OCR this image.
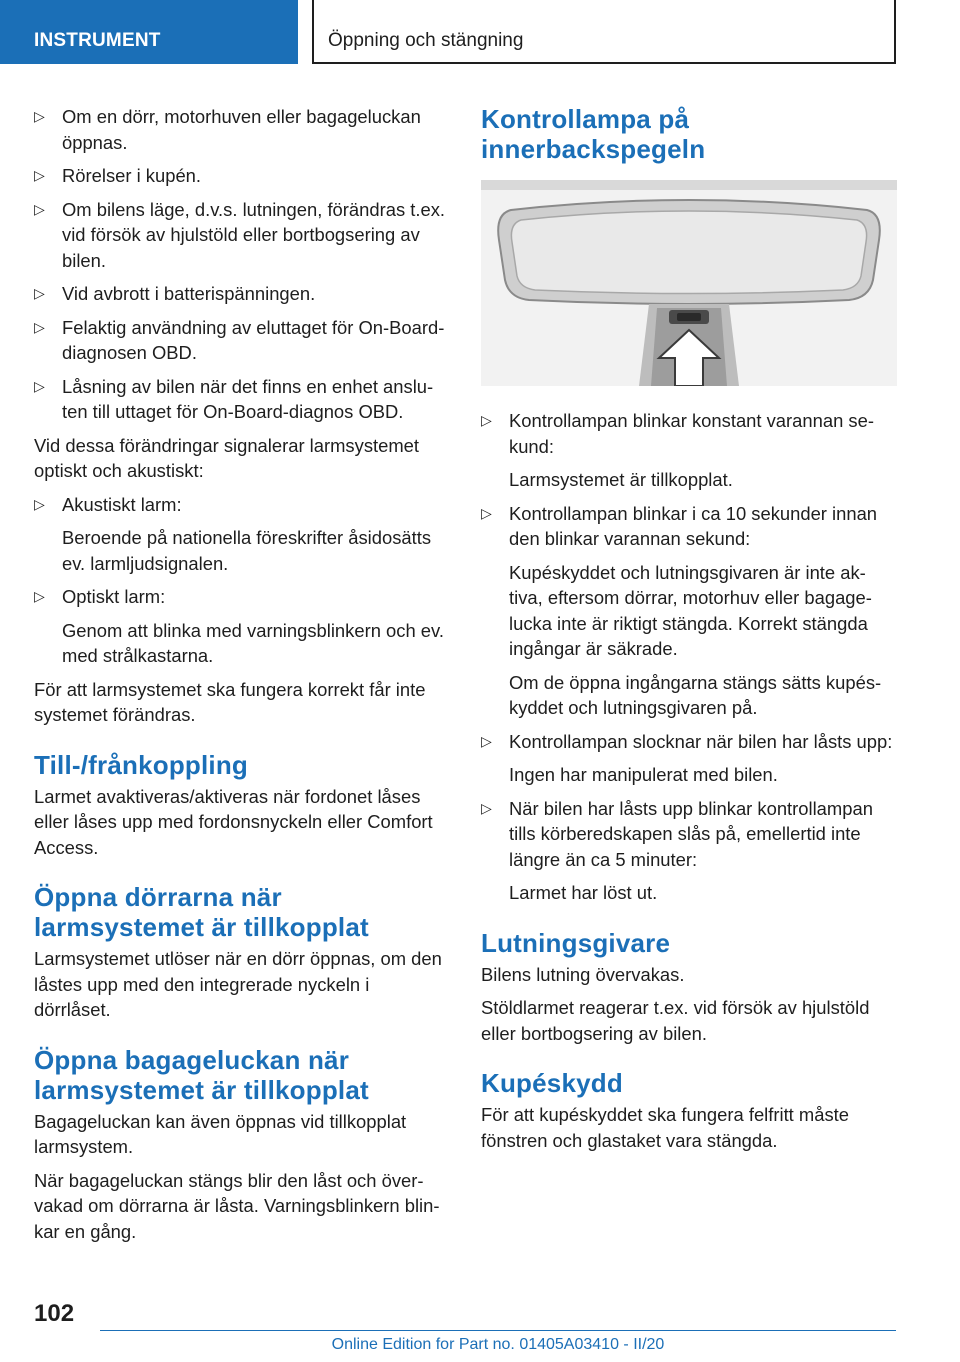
INSTRUMENT	Öppning och stängning
▷ Om en dörr, motorhuven eller bagageluckan öppnas.
▷ Rörelser i kupén.
▷ Om bilens läge, d.v.s. lutningen, förändras t.ex. vid försök av hjulstöld eller bortbogsering av bilen.
▷ Vid avbrott i batterispänningen.
▷ Felaktig användning av eluttaget för On-Board-diagnosen OBD.
▷ Låsning av bilen när det finns en enhet anslu‐ten till uttaget för On-Board-diagnos OBD.
Vid dessa förändringar signalerar larmsystemet optiskt och akustiskt:
▷ Akustiskt larm:
Beroende på nationella föreskrifter åsidosätts ev. larmljudsignalen.
▷ Optiskt larm:
Genom att blinka med varningsblinkern och ev. med strålkastarna.
För att larmsystemet ska fungera korrekt får inte systemet förändras.
Till-/frånkoppling
Larmet avaktiveras/aktiveras när fordonet låses eller låses upp med fordonsnyckeln eller Comfort Access.
Öppna dörrarna när larmsystemet är tillkopplat
Larmsystemet utlöser när en dörr öppnas, om den låstes upp med den integrerade nyckeln i dörrlåset.
Öppna bagageluckan när larmsystemet är tillkopplat
Bagageluckan kan även öppnas vid tillkopplat larmsystem.
När bagageluckan stängs blir den låst och över‐vakad om dörrarna är låsta. Varningsblinkern blin‐kar en gång.
Kontrollampa på innerbackspegeln
▷ Kontrollampan blinkar konstant varannan se‐kund:
Larmsystemet är tillkopplat.
▷ Kontrollampan blinkar i ca 10 sekunder innan den blinkar varannan sekund:
Kupéskyddet och lutningsgivaren är inte ak‐tiva, eftersom dörrar, motorhuv eller bagage‐lucka inte är riktigt stängda. Korrekt stängda ingångar är säkrade.
Om de öppna ingångarna stängs sätts kupés‐kyddet och lutningsgivaren på.
▷ Kontrollampan slocknar när bilen har låsts upp:
Ingen har manipulerat med bilen.
▷ När bilen har låsts upp blinkar kontrollampan tills körberedskapen slås på, emellertid inte längre än ca 5 minuter:
Larmet har löst ut.
Lutningsgivare
Bilens lutning övervakas.
Stöldlarmet reagerar t.ex. vid försök av hjulstöld eller bortbogsering av bilen.
Kupéskydd
För att kupéskyddet ska fungera felfritt måste fönstren och glastaket vara stängda.
102
Online Edition for Part no. 01405A03410 - II/20
